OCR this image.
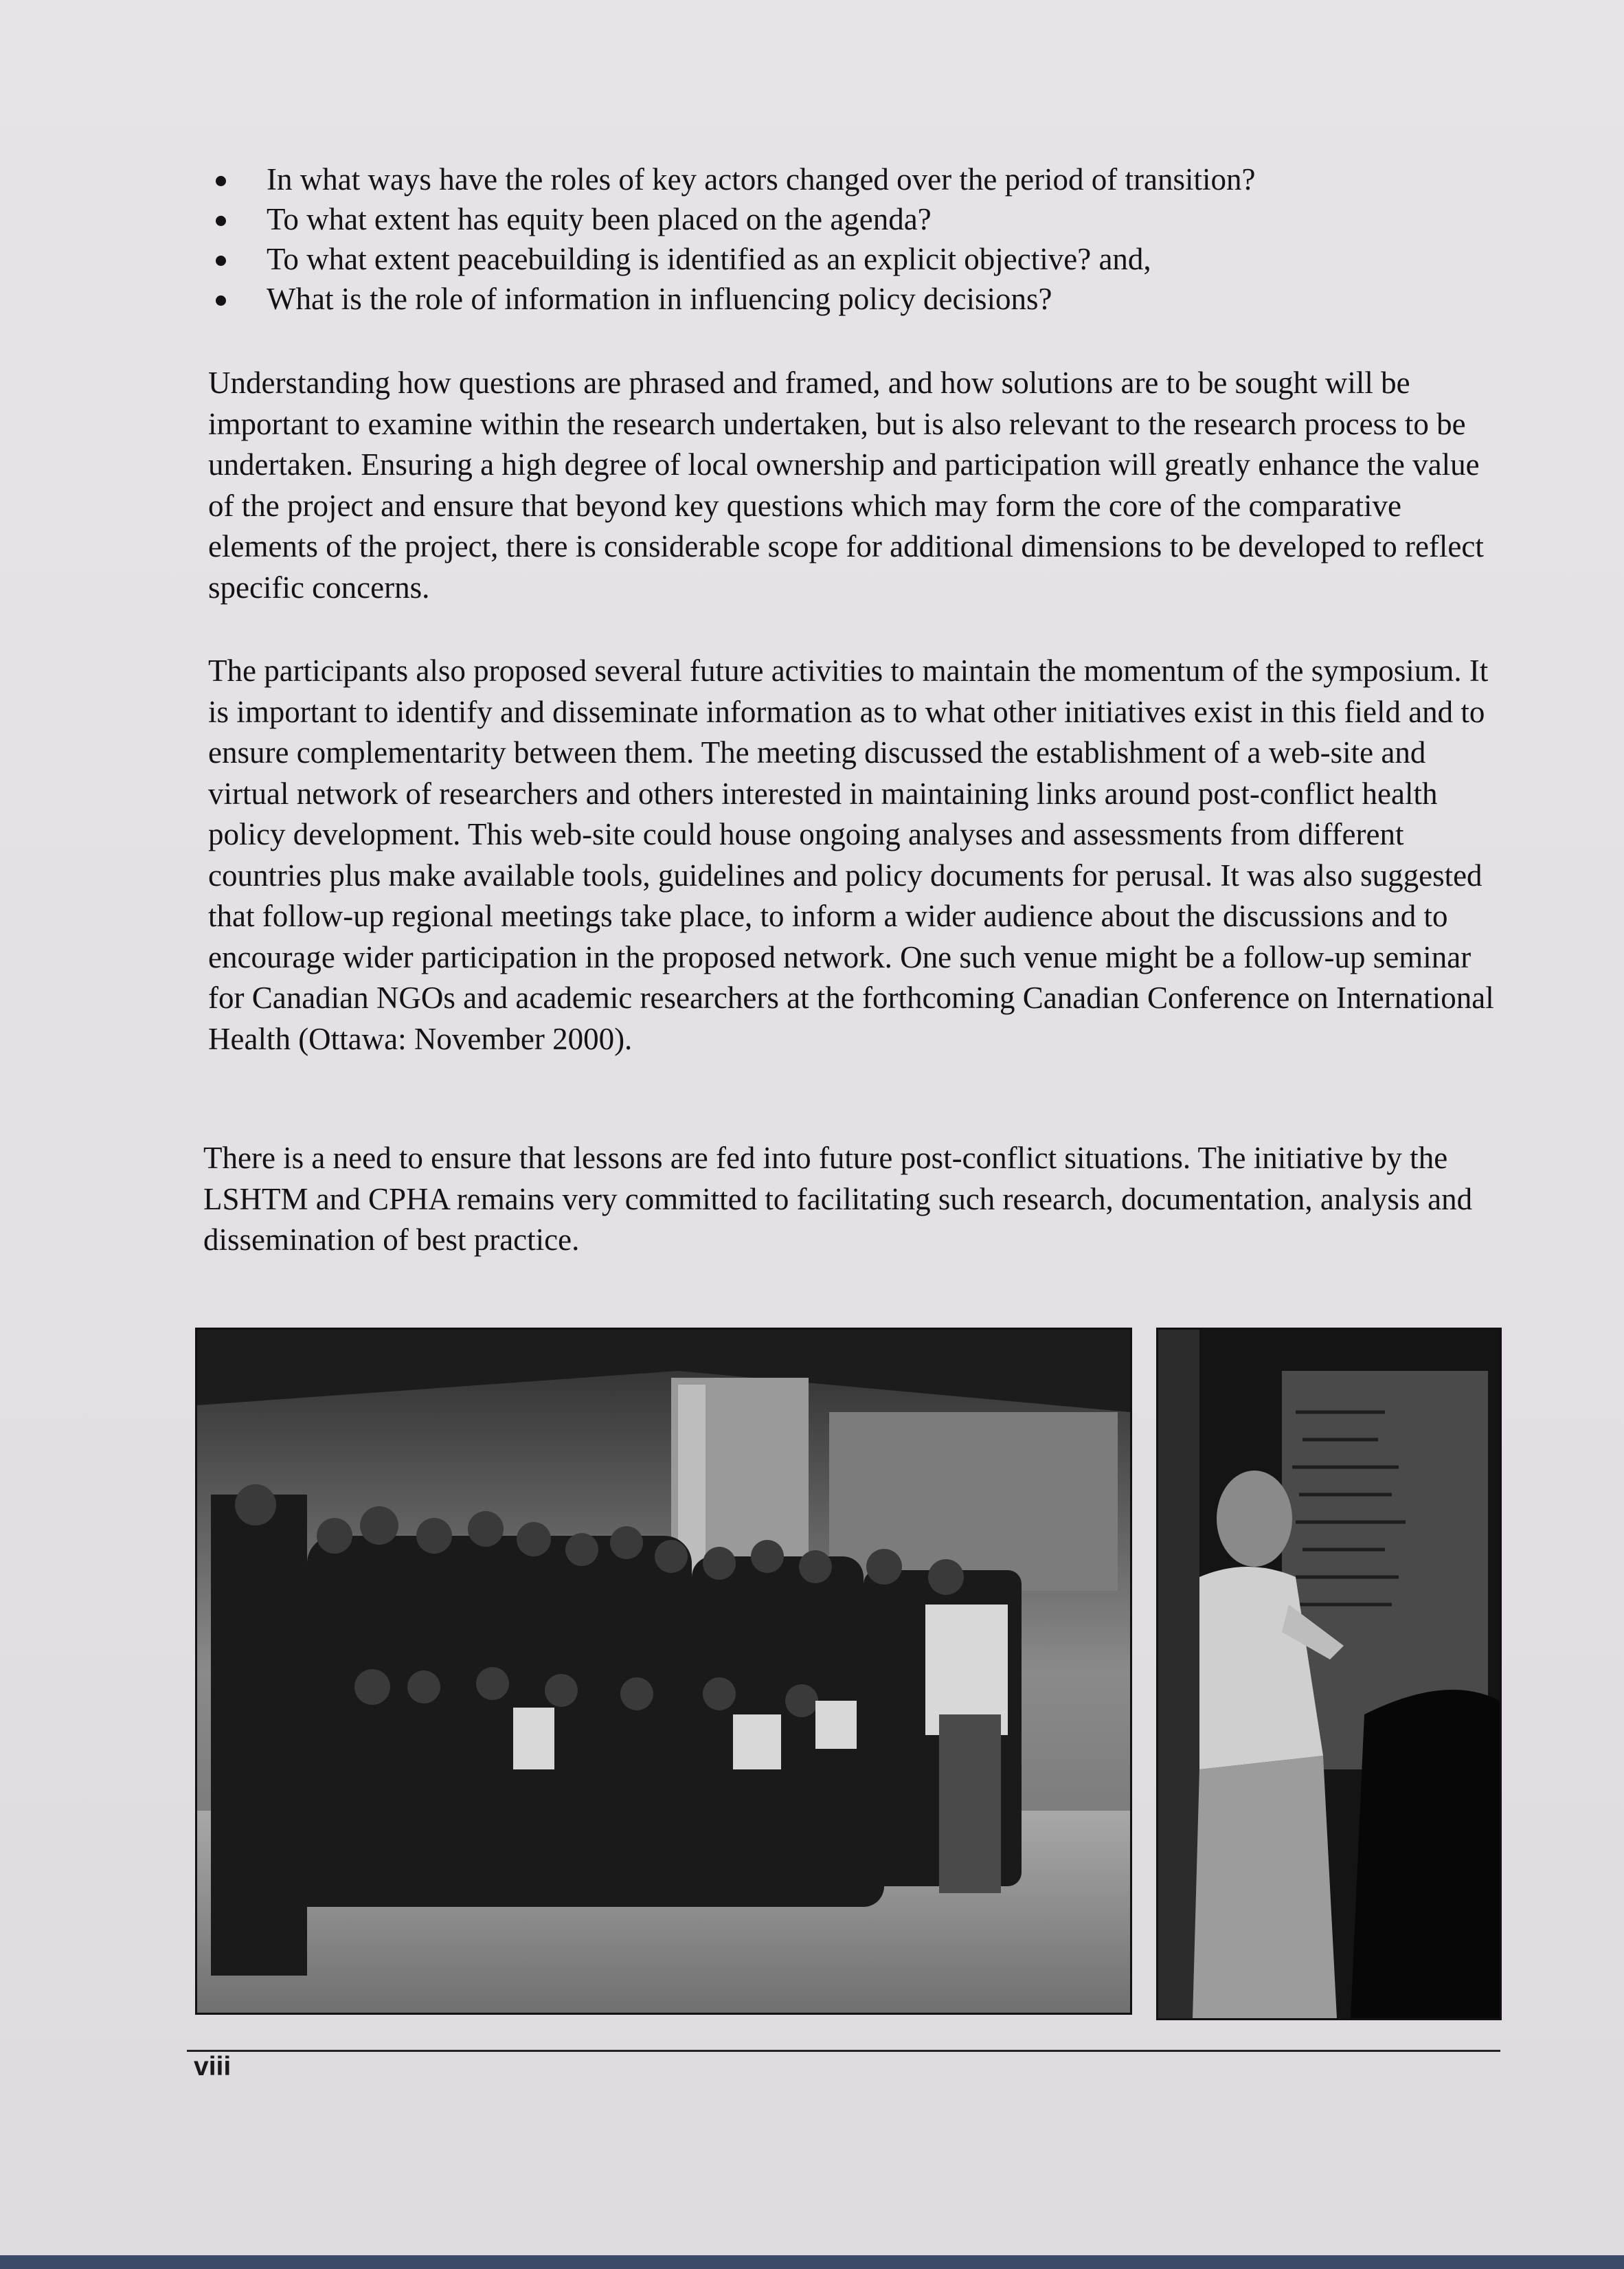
In what ways have the roles of key actors changed over the period of transition?
To what extent has equity been placed on the agenda?
To what extent peacebuilding is identified as an explicit objective? and,
What is the role of information in influencing policy decisions?

Understanding how questions are phrased and framed, and how solutions are to be sought will be important to examine within the research undertaken, but is also relevant to the research process to be undertaken. Ensuring a high degree of local ownership and participation will greatly enhance the value of the project and ensure that beyond key questions which may form the core of the comparative elements of the project, there is considerable scope for additional dimensions to be developed to reflect specific concerns.

The participants also proposed several future activities to maintain the momentum of the symposium. It is important to identify and disseminate information as to what other initiatives exist in this field and to ensure complementarity between them. The meeting discussed the establishment of a web-site and virtual network of researchers and others interested in maintaining links around post-conflict health policy development. This web-site could house ongoing analyses and assessments from different countries plus make available tools, guidelines and policy documents for perusal. It was also suggested that follow-up regional meetings take place, to inform a wider audience about the discussions and to encourage wider participation in the proposed network. One such venue might be a follow-up seminar for Canadian NGOs and academic researchers at the forthcoming Canadian Conference on International Health (Ottawa: November 2000).

There is a need to ensure that lessons are fed into future post-conflict situations. The initiative by the LSHTM and CPHA remains very committed to facilitating such research, documentation, analysis and dissemination of best practice.

viii
